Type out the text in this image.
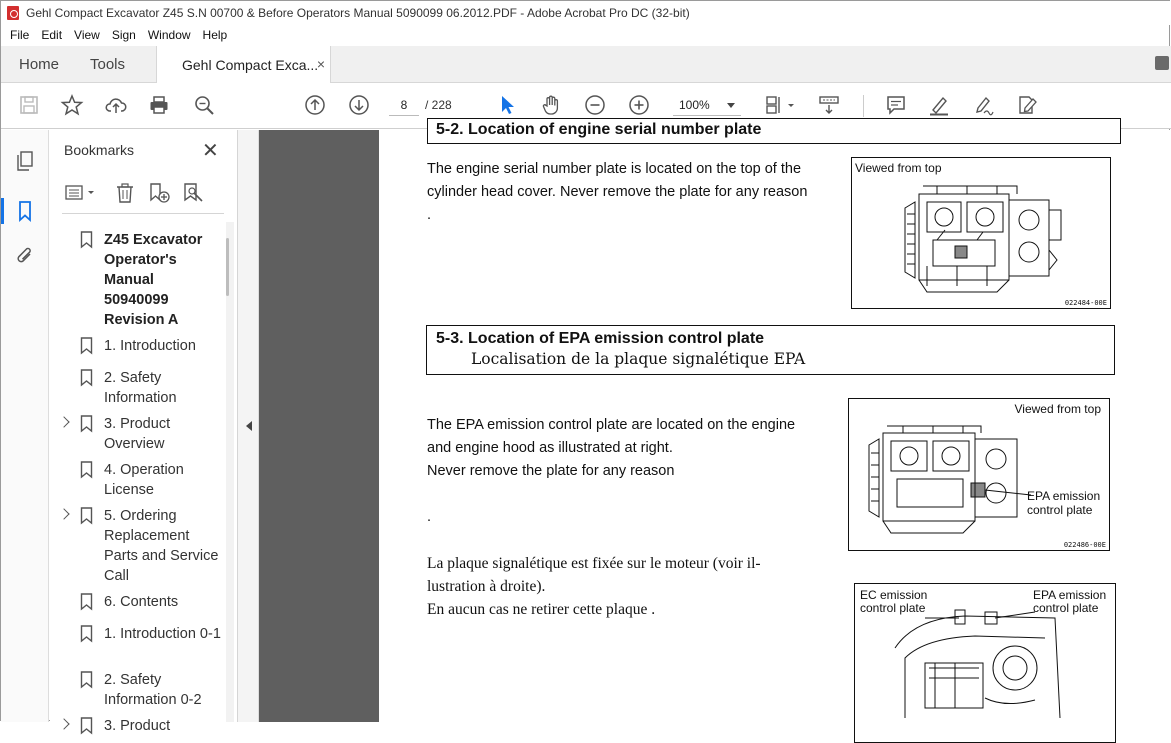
Gehl Compact Excavator Z45 S.N 00700 & Before Operators Manual 5090099 06.2012.PDF - Adobe Acrobat Pro DC (32-bit)
File	Edit	View	Sign	Window	Help
Home Tools	Gehl Compact Exca...
×
8	/ 228	100%
Bookmarks	✕
Z45 Excavator Operator's Manual 50940099 Revision A
1. Introduction
2. Safety Information
3. Product Overview
4. Operation License
5. Ordering Replacement Parts and Service Call
6. Contents
1. Introduction 0-1
2. Safety Information 0-2
3. Product
5-2. Location of engine serial number plate
The engine serial number plate is located on the top of the
cylinder head cover. Never remove the plate for any reason
.
Viewed from top
022484-00E
5-3. Location of EPA emission control plate
Localisation de la plaque signalétique EPA
The EPA emission control plate are located on the engine
and engine hood as illustrated at right.
Never remove the plate for any reason
.
La plaque signalétique est fixée sur le moteur (voir il-
lustration à droite).
En aucun cas ne retirer cette plaque .
Viewed from top
EPA emission
control plate
022486-00E
EC emission
control plate
EPA emission
control plate
